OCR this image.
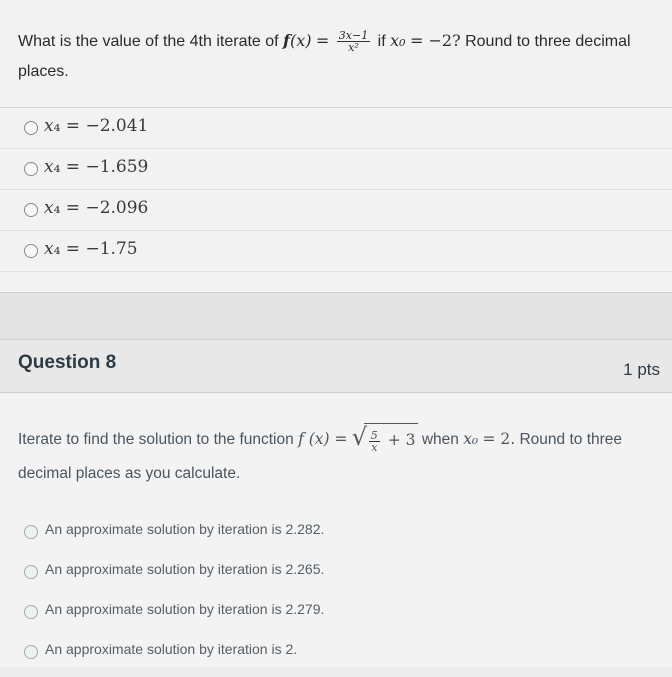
What is the value of the 4th iterate of $f(x) = \frac{3x-1}{\text{x²}}$ if x₀ = −2? Round to three decimal places.
𝑥₄ = −2.041
𝑥₄ = −1.659
𝑥₄ = −2.096
𝑥₄ = −1.75
Question 8	1 pts
Iterate to find the solution to the function f (x) = √ $\frac{5}{x} + 3$ when x₀ = 2. Round to three decimal places as you calculate.
An approximate solution by iteration is 2.282.
An approximate solution by iteration is 2.265.
An approximate solution by iteration is 2.279.
An approximate solution by iteration is 2.
